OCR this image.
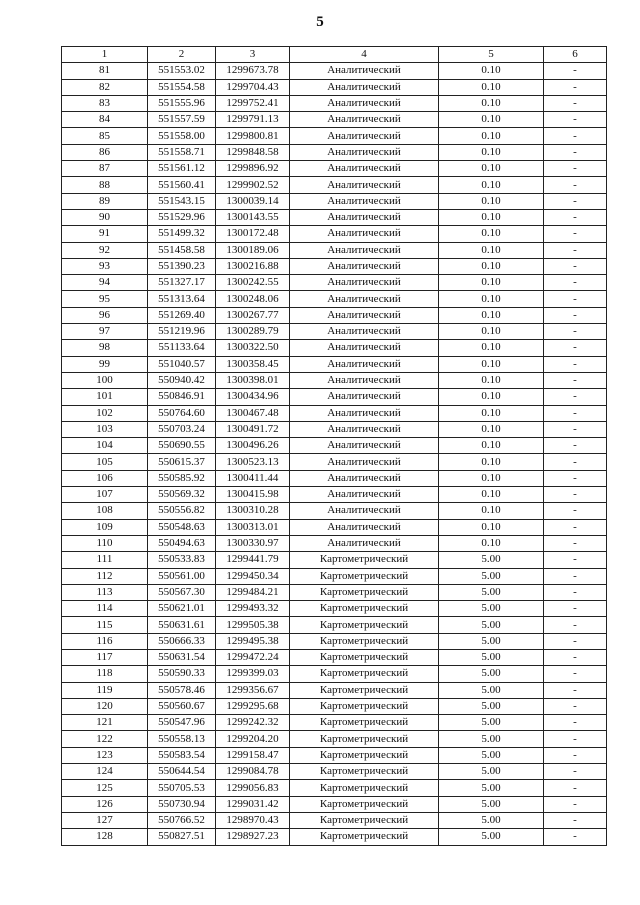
5
1	2	3	4	5	6
81	551553.02	1299673.78	Аналитический	0.10	-
82	551554.58	1299704.43	Аналитический	0.10	-
83	551555.96	1299752.41	Аналитический	0.10	-
84	551557.59	1299791.13	Аналитический	0.10	-
85	551558.00	1299800.81	Аналитический	0.10	-
86	551558.71	1299848.58	Аналитический	0.10	-
87	551561.12	1299896.92	Аналитический	0.10	-
88	551560.41	1299902.52	Аналитический	0.10	-
89	551543.15	1300039.14	Аналитический	0.10	-
90	551529.96	1300143.55	Аналитический	0.10	-
91	551499.32	1300172.48	Аналитический	0.10	-
92	551458.58	1300189.06	Аналитический	0.10	-
93	551390.23	1300216.88	Аналитический	0.10	-
94	551327.17	1300242.55	Аналитический	0.10	-
95	551313.64	1300248.06	Аналитический	0.10	-
96	551269.40	1300267.77	Аналитический	0.10	-
97	551219.96	1300289.79	Аналитический	0.10	-
98	551133.64	1300322.50	Аналитический	0.10	-
99	551040.57	1300358.45	Аналитический	0.10	-
100	550940.42	1300398.01	Аналитический	0.10	-
101	550846.91	1300434.96	Аналитический	0.10	-
102	550764.60	1300467.48	Аналитический	0.10	-
103	550703.24	1300491.72	Аналитический	0.10	-
104	550690.55	1300496.26	Аналитический	0.10	-
105	550615.37	1300523.13	Аналитический	0.10	-
106	550585.92	1300411.44	Аналитический	0.10	-
107	550569.32	1300415.98	Аналитический	0.10	-
108	550556.82	1300310.28	Аналитический	0.10	-
109	550548.63	1300313.01	Аналитический	0.10	-
110	550494.63	1300330.97	Аналитический	0.10	-
111	550533.83	1299441.79	Картометрический	5.00	-
112	550561.00	1299450.34	Картометрический	5.00	-
113	550567.30	1299484.21	Картометрический	5.00	-
114	550621.01	1299493.32	Картометрический	5.00	-
115	550631.61	1299505.38	Картометрический	5.00	-
116	550666.33	1299495.38	Картометрический	5.00	-
117	550631.54	1299472.24	Картометрический	5.00	-
118	550590.33	1299399.03	Картометрический	5.00	-
119	550578.46	1299356.67	Картометрический	5.00	-
120	550560.67	1299295.68	Картометрический	5.00	-
121	550547.96	1299242.32	Картометрический	5.00	-
122	550558.13	1299204.20	Картометрический	5.00	-
123	550583.54	1299158.47	Картометрический	5.00	-
124	550644.54	1299084.78	Картометрический	5.00	-
125	550705.53	1299056.83	Картометрический	5.00	-
126	550730.94	1299031.42	Картометрический	5.00	-
127	550766.52	1298970.43	Картометрический	5.00	-
128	550827.51	1298927.23	Картометрический	5.00	-
